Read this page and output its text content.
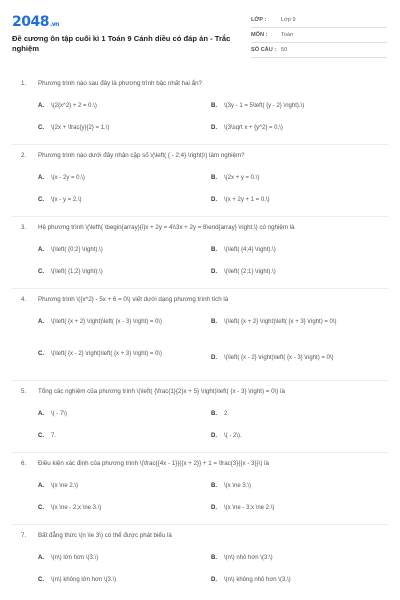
2048.vn
Đề cương ôn tập cuối kì 1 Toán 9 Cánh diều có đáp án - Trắc nghiệm
LỚP :	Lớp 9
MÔN :	Toán
SỐ CÂU : 50
1. Phương trình nào sau đây là phương trình bậc nhất hai ẩn?
A. \(2{x^2} + 2 = 0.\)	B. \(3y - 1 = 5\left( {y - 2} \right).\)
C. \(2x + \frac{y}{2} = 1.\)	D. \(3\sqrt x + {y^2} = 0.\)
2. Phương trình nào dưới đây nhận cặp số \(\left( { - 2;4} \right)\) làm nghiệm?
A. \(x - 2y = 0.\)	B. \(2x + y = 0.\)
C. \(x - y = 2.\)	D. \(x + 2y + 1 = 0.\)
3. Hệ phương trình \(\left\{ \begin{array}{l}x + 2y = 4\\3x + 2y = 8\end{array} \right.\) có nghiệm là
A. \(\left( {0;2} \right).\)	B. \(\left( {4;4} \right).\)
C. \(\left( {1;2} \right).\)	D. \(\left( {2;1} \right).\)
4. Phương trình \({x^2} - 5x + 6 = 0\) viết dưới dạng phương trình tích là
A. \(\left( {x + 2} \right)\left( {x - 3} \right) = 0\)	B. \(\left( {x + 2} \right)\left( {x + 3} \right) = 0\)
C. \(\left( {x - 2} \right)\left( {x + 3} \right) = 0\)
D. \(\left( {x - 2} \right)\left( {x - 3} \right) = 0\)
5. Tổng các nghiệm của phương trình \(\left( {\frac{1}{2}x + 5} \right)\left( {x - 3} \right) = 0\) là
A. \( - 7\)	B. 2.
C. 7.	D. \( - 2\).
6. Điều kiện xác định của phương trình \(\frac{{4x - 1}}{{x + 2}} + 1 = \frac{3}{{x - 3}}\) là
A. \(x \ne 2.\)	B. \(x \ne 3.\)
C. \(x \ne - 2;x \ne 3.\)	D. \(x \ne - 3;x \ne 2.\)
7. Bất đẳng thức \(n \le 3\) có thể được phát biểu là
A. \(n\) lớn hơn \(3.\)	B. \(n\) nhỏ hơn \(3.\)
C. \(n\) không lớn hơn \(3.\)	D. \(n\) không nhỏ hơn \(3.\)
